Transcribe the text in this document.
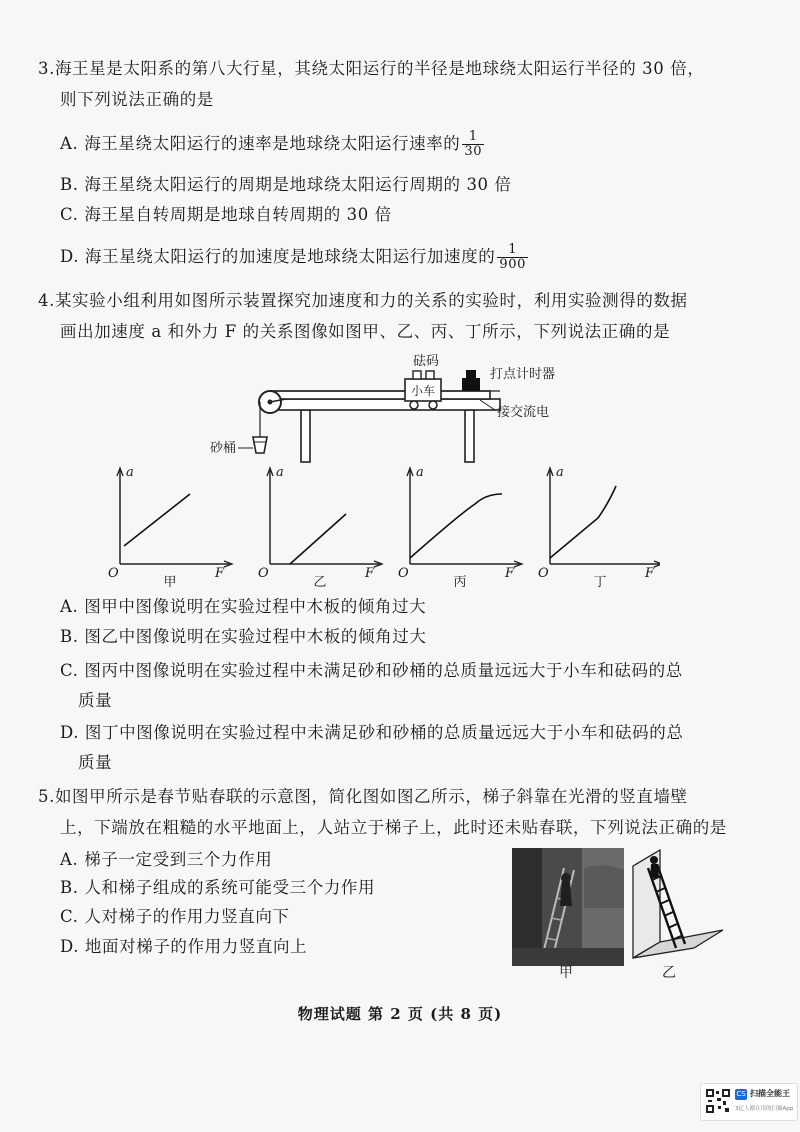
3.海王星是太阳系的第八大行星，其绕太阳运行的半径是地球绕太阳运行半径的 30 倍，
则下列说法正确的是
A. 海王星绕太阳运行的速率是地球绕太阳运行速率的 $\frac{1}{30}$
B. 海王星绕太阳运行的周期是地球绕太阳运行周期的 30 倍
C. 海王星自转周期是地球自转周期的 30 倍
D. 海王星绕太阳运行的加速度是地球绕太阳运行加速度的 $\frac{1}{900}$
4.某实验小组利用如图所示装置探究加速度和力的关系的实验时，利用实验测得的数据
画出加速度 a 和外力 F 的关系图像如图甲、乙、丙、丁所示，下列说法正确的是
砂桶
小车
砝码
打点计时器
接交流电
a
F
O
甲
a
F
O
乙
a
F
O
丙
a
F
O
丁
A. 图甲中图像说明在实验过程中木板的倾角过大
B. 图乙中图像说明在实验过程中木板的倾角过大
C. 图丙中图像说明在实验过程中未满足砂和砂桶的总质量远远大于小车和砝码的总
质量
D. 图丁中图像说明在实验过程中未满足砂和砂桶的总质量远远大于小车和砝码的总
质量
5.如图甲所示是春节贴春联的示意图，简化图如图乙所示，梯子斜靠在光滑的竖直墙壁
上，下端放在粗糙的水平地面上，人站立于梯子上，此时还未贴春联，下列说法正确的是
A. 梯子一定受到三个力作用
B. 人和梯子组成的系统可能受三个力作用
C. 人对梯子的作用力竖直向下
D. 地面对梯子的作用力竖直向上
甲	乙
物理试题 第 2 页 (共 8 页)
CS 扫描全能王
3亿人都在用的扫描App
